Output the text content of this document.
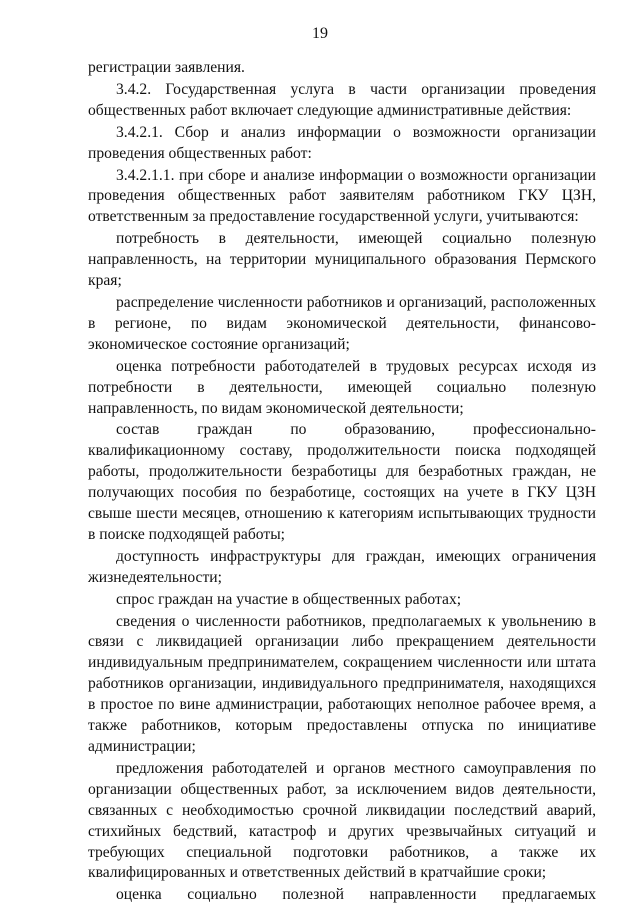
19

регистрации заявления.

3.4.2. Государственная услуга в части организации проведения общественных работ включает следующие административные действия:

3.4.2.1. Сбор и анализ информации о возможности организации проведения общественных работ:

3.4.2.1.1. при сборе и анализе информации о возможности организации проведения общественных работ заявителям работником ГКУ ЦЗН, ответственным за предоставление государственной услуги, учитываются:

потребность в деятельности, имеющей социально полезную направленность, на территории муниципального образования Пермского края;

распределение численности работников и организаций, расположенных в регионе, по видам экономической деятельности, финансово-экономическое состояние организаций;

оценка потребности работодателей в трудовых ресурсах исходя из потребности в деятельности, имеющей социально полезную направленность, по видам экономической деятельности;

состав граждан по образованию, профессионально-квалификационному составу, продолжительности поиска подходящей работы, продолжительности безработицы для безработных граждан, не получающих пособия по безработице, состоящих на учете в ГКУ ЦЗН свыше шести месяцев, отношению к категориям испытывающих трудности в поиске подходящей работы;

доступность инфраструктуры для граждан, имеющих ограничения жизнедеятельности;

спрос граждан на участие в общественных работах;

сведения о численности работников, предполагаемых к увольнению в связи с ликвидацией организации либо прекращением деятельности индивидуальным предпринимателем, сокращением численности или штата работников организации, индивидуального предпринимателя, находящихся в простое по вине администрации, работающих неполное рабочее время, а также работников, которым предоставлены отпуска по инициативе администрации;

предложения работодателей и органов местного самоуправления по организации общественных работ, за исключением видов деятельности, связанных с необходимостью срочной ликвидации последствий аварий, стихийных бедствий, катастроф и других чрезвычайных ситуаций и требующих специальной подготовки работников, а также их квалифицированных и ответственных действий в кратчайшие сроки;

оценка социально полезной направленности предлагаемых
